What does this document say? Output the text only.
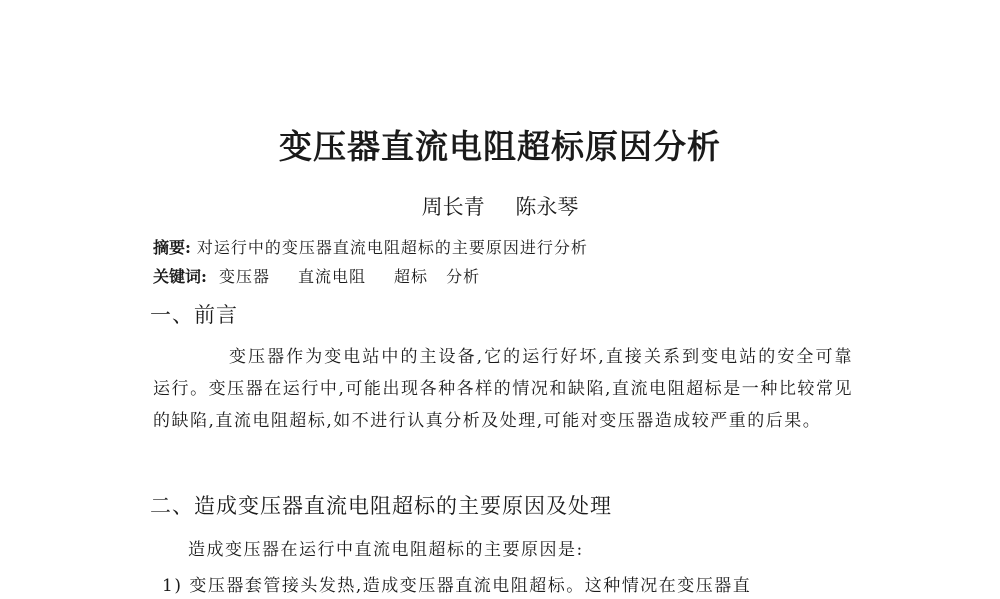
变压器直流电阻超标原因分析
周长青 陈永琴
摘要: 对运行中的变压器直流电阻超标的主要原因进行分析
关键词: 变压器 直流电阻 超标 分析
一、前言

变压器作为变电站中的主设备,它的运行好坏,直接关系到变电站的安全可靠运行。变压器在运行中,可能出现各种各样的情况和缺陷,直流电阻超标是一种比较常见的缺陷,直流电阻超标,如不进行认真分析及处理,可能对变压器造成较严重的后果。

二、造成变压器直流电阻超标的主要原因及处理
造成变压器在运行中直流电阻超标的主要原因是:
1) 变压器套管接头发热,造成变压器直流电阻超标。这种情况在变压器直
